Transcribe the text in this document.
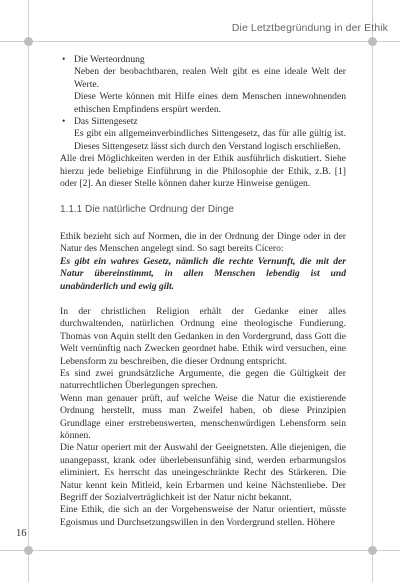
Die Letztbegründung in der Ethik
• Die Werteordnung

Neben der beobachtbaren, realen Welt gibt es eine ideale Welt der Werte.

Diese Werte können mit Hilfe eines dem Menschen innewohnenden ethischen Empfindens erspürt werden.

• Das Sittengesetz

Es gibt ein allgemeinverbindliches Sittengesetz, das für alle gültig ist. Dieses Sittengesetz lässt sich durch den Verstand logisch erschließen.

Alle drei Möglichkeiten werden in der Ethik ausführlich diskutiert. Siehe hierzu jede beliebige Einführung in die Philosophie der Ethik, z.B. [1] oder [2]. An dieser Stelle können daher kurze Hinweise genügen.

1.1.1 Die natürliche Ordnung der Dinge

Ethik bezieht sich auf Normen, die in der Ordnung der Dinge oder in der Natur des Menschen angelegt sind. So sagt bereits Cicero:

Es gibt ein wahres Gesetz, nämlich die rechte Vernunft, die mit der Natur übereinstimmt, in allen Menschen lebendig ist und unabänderlich und ewig gilt.

In der christlichen Religion erhält der Gedanke einer alles durchwaltenden, natürlichen Ordnung eine theologische Fundierung. Thomas von Aquin stellt den Gedanken in den Vordergrund, dass Gott die Welt vernünftig nach Zwecken geordnet habe. Ethik wird versuchen, eine Lebensform zu beschreiben, die dieser Ordnung entspricht.

Es sind zwei grundsätzliche Argumente, die gegen die Gültigkeit der naturrechtlichen Überlegungen sprechen.

Wenn man genauer prüft, auf welche Weise die Natur die existierende Ordnung herstellt, muss man Zweifel haben, ob diese Prinzipien Grundlage einer erstrebenswerten, menschenwürdigen Lebensform sein können.

Die Natur operiert mit der Auswahl der Geeignetsten. Alle diejenigen, die unangepasst, krank oder überlebensunfähig sind, werden erbarmungslos eliminiert. Es herrscht das uneingeschränkte Recht des Stärkeren. Die Natur kennt kein Mitleid, kein Erbarmen und keine Nächstenliebe. Der Begriff der Sozialverträglichkeit ist der Natur nicht bekannt.

Eine Ethik, die sich an der Vorgehensweise der Natur orientiert, müsste Egoismus und Durchsetzungswillen in den Vordergrund stellen. Höhere

16
